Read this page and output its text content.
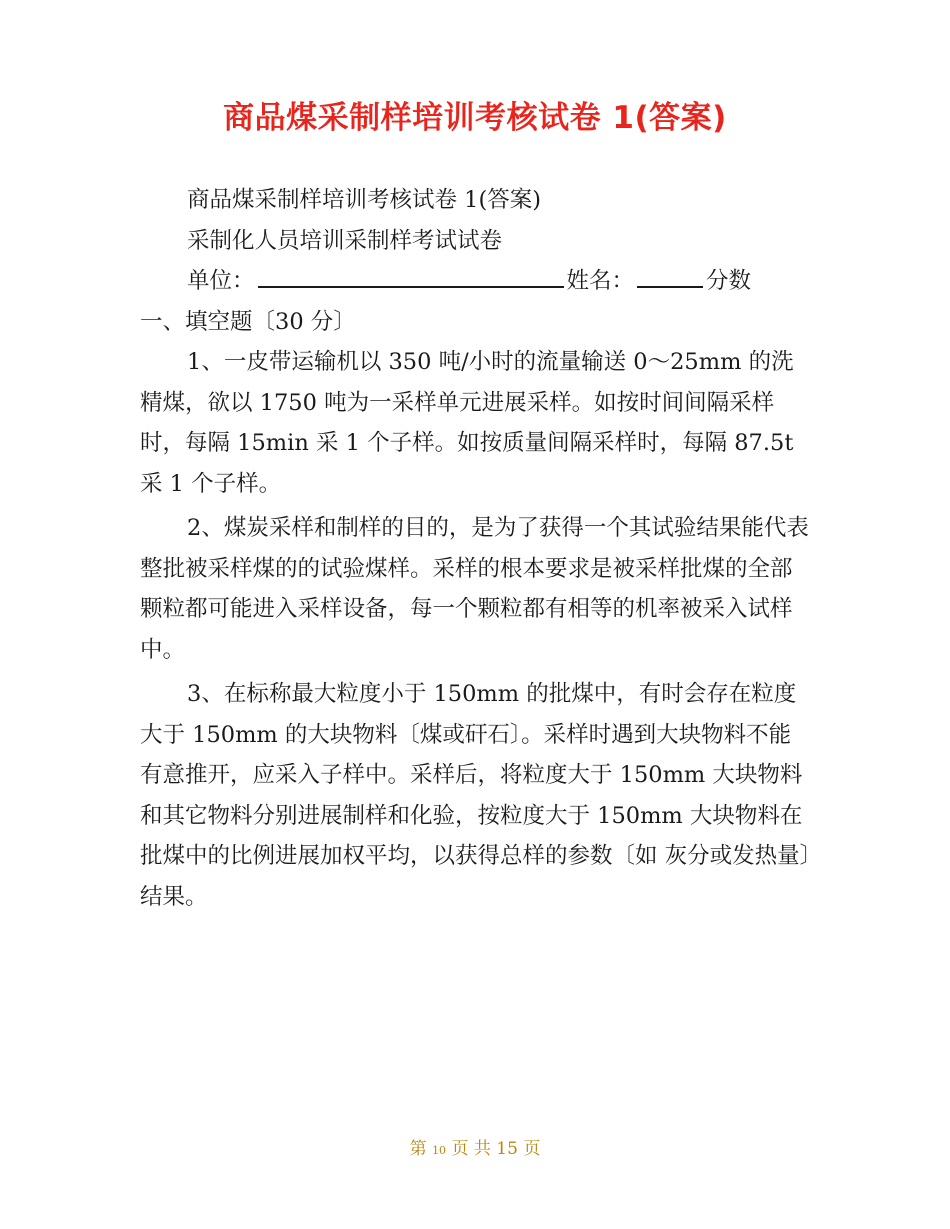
商品煤采制样培训考核试卷 1(答案)

商品煤采制样培训考核试卷 1(答案)

采制化人员培训采制样考试试卷

单位：	姓名：	分数

一、填空题〔30 分〕

1、一皮带运输机以 350 吨/小时的流量输送 0～25mm 的洗精煤，欲以 1750 吨为一采样单元进展采样。如按时间间隔采样时，每隔 15min 采 1 个子样。如按质量间隔采样时，每隔 87.5t 采 1 个子样。

2、煤炭采样和制样的目的，是为了获得一个其试验结果能代表整批被采样煤的的试验煤样。采样的根本要求是被采样批煤的全部颗粒都可能进入采样设备，每一个颗粒都有相等的机率被采入试样中。

3、在标称最大粒度小于 150mm 的批煤中，有时会存在粒度大于 150mm 的大块物料〔煤或矸石〕。采样时遇到大块物料不能有意推开，应采入子样中。采样后，将粒度大于 150mm 大块物料和其它物料分别进展制样和化验，按粒度大于 150mm 大块物料在批煤中的比例进展加权平均，以获得总样的参数〔如 灰分或发热量〕结果。

第 10 页 共 15 页
